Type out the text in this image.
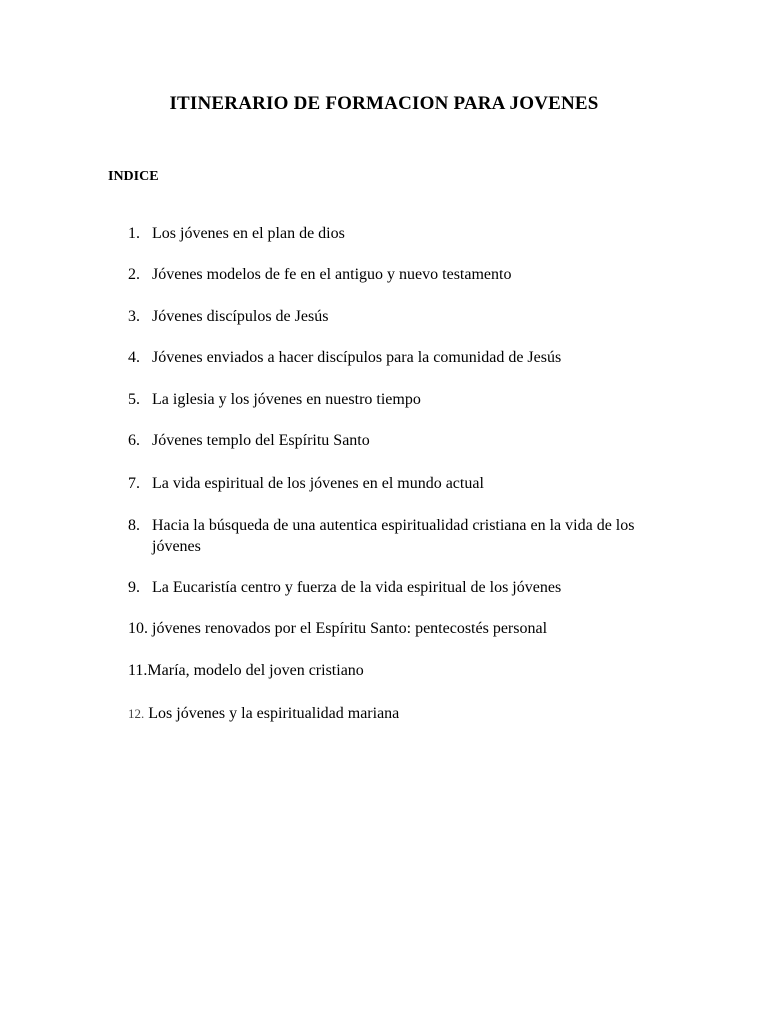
ITINERARIO DE FORMACION PARA JOVENES
INDICE
1. Los jóvenes en el plan de dios
2. Jóvenes modelos de fe en el antiguo y nuevo testamento
3. Jóvenes discípulos de Jesús
4. Jóvenes enviados a hacer discípulos para la comunidad de Jesús
5. La iglesia y los jóvenes en nuestro tiempo
6. Jóvenes templo del Espíritu Santo
7. La vida espiritual de los jóvenes en el mundo actual
8. Hacia la búsqueda de una autentica espiritualidad cristiana en la vida de los jóvenes
9. La Eucaristía centro y fuerza de la vida espiritual de los jóvenes
10. jóvenes renovados por el Espíritu Santo: pentecostés personal
11.María, modelo del joven cristiano
12. Los jóvenes y la espiritualidad mariana
